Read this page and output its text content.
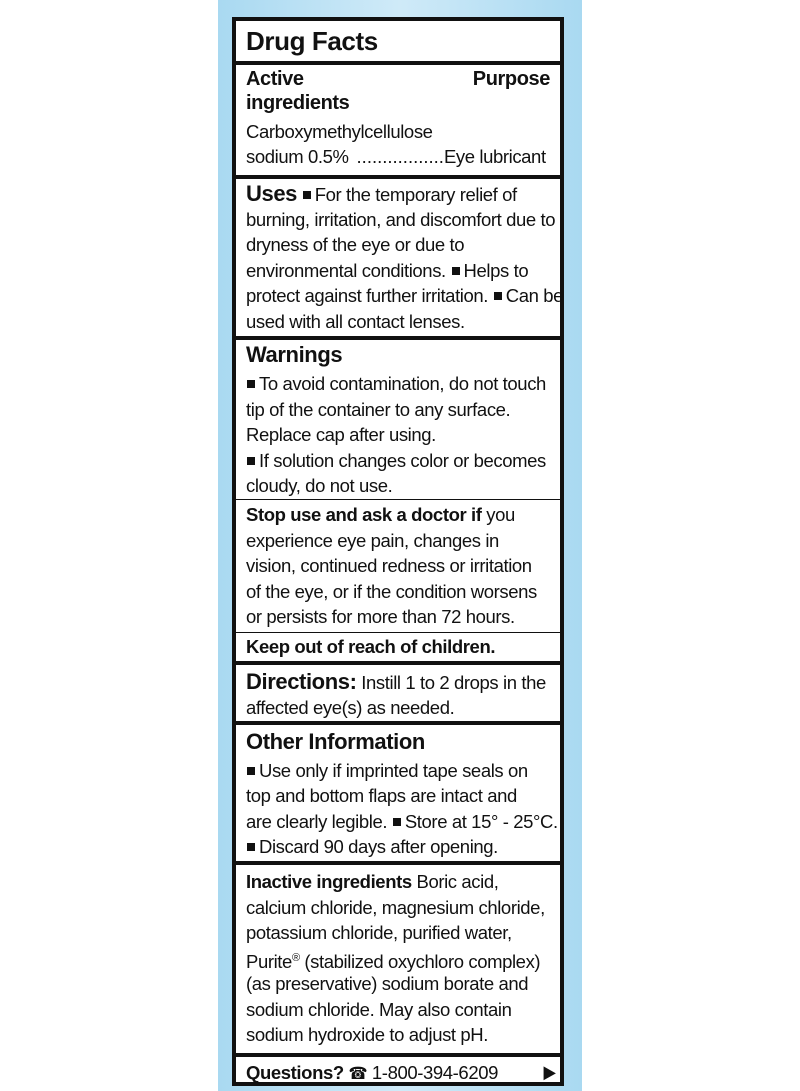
Drug Facts
Active	Purpose
ingredients
Carboxymethylcellulose
sodium 0.5% .................Eye lubricant
Uses For the temporary relief of
burning, irritation, and discomfort due to
dryness of the eye or due to
environmental conditions. Helps to
protect against further irritation. Can be
used with all contact lenses.
Warnings
To avoid contamination, do not touch
tip of the container to any surface.
Replace cap after using.
If solution changes color or becomes
cloudy, do not use.
Stop use and ask a doctor if you
experience eye pain, changes in
vision, continued redness or irritation
of the eye, or if the condition worsens
or persists for more than 72 hours.
Keep out of reach of children.
Directions: Instill 1 to 2 drops in the
affected eye(s) as needed.
Other Information
Use only if imprinted tape seals on
top and bottom flaps are intact and
are clearly legible. Store at 15° - 25°C.
Discard 90 days after opening.
Inactive ingredients Boric acid,
calcium chloride, magnesium chloride,
potassium chloride, purified water,
Purite® (stabilized oxychloro complex)
(as preservative) sodium borate and
sodium chloride. May also contain
sodium hydroxide to adjust pH.
Questions? ☎ 1-800-394-6209	▶
